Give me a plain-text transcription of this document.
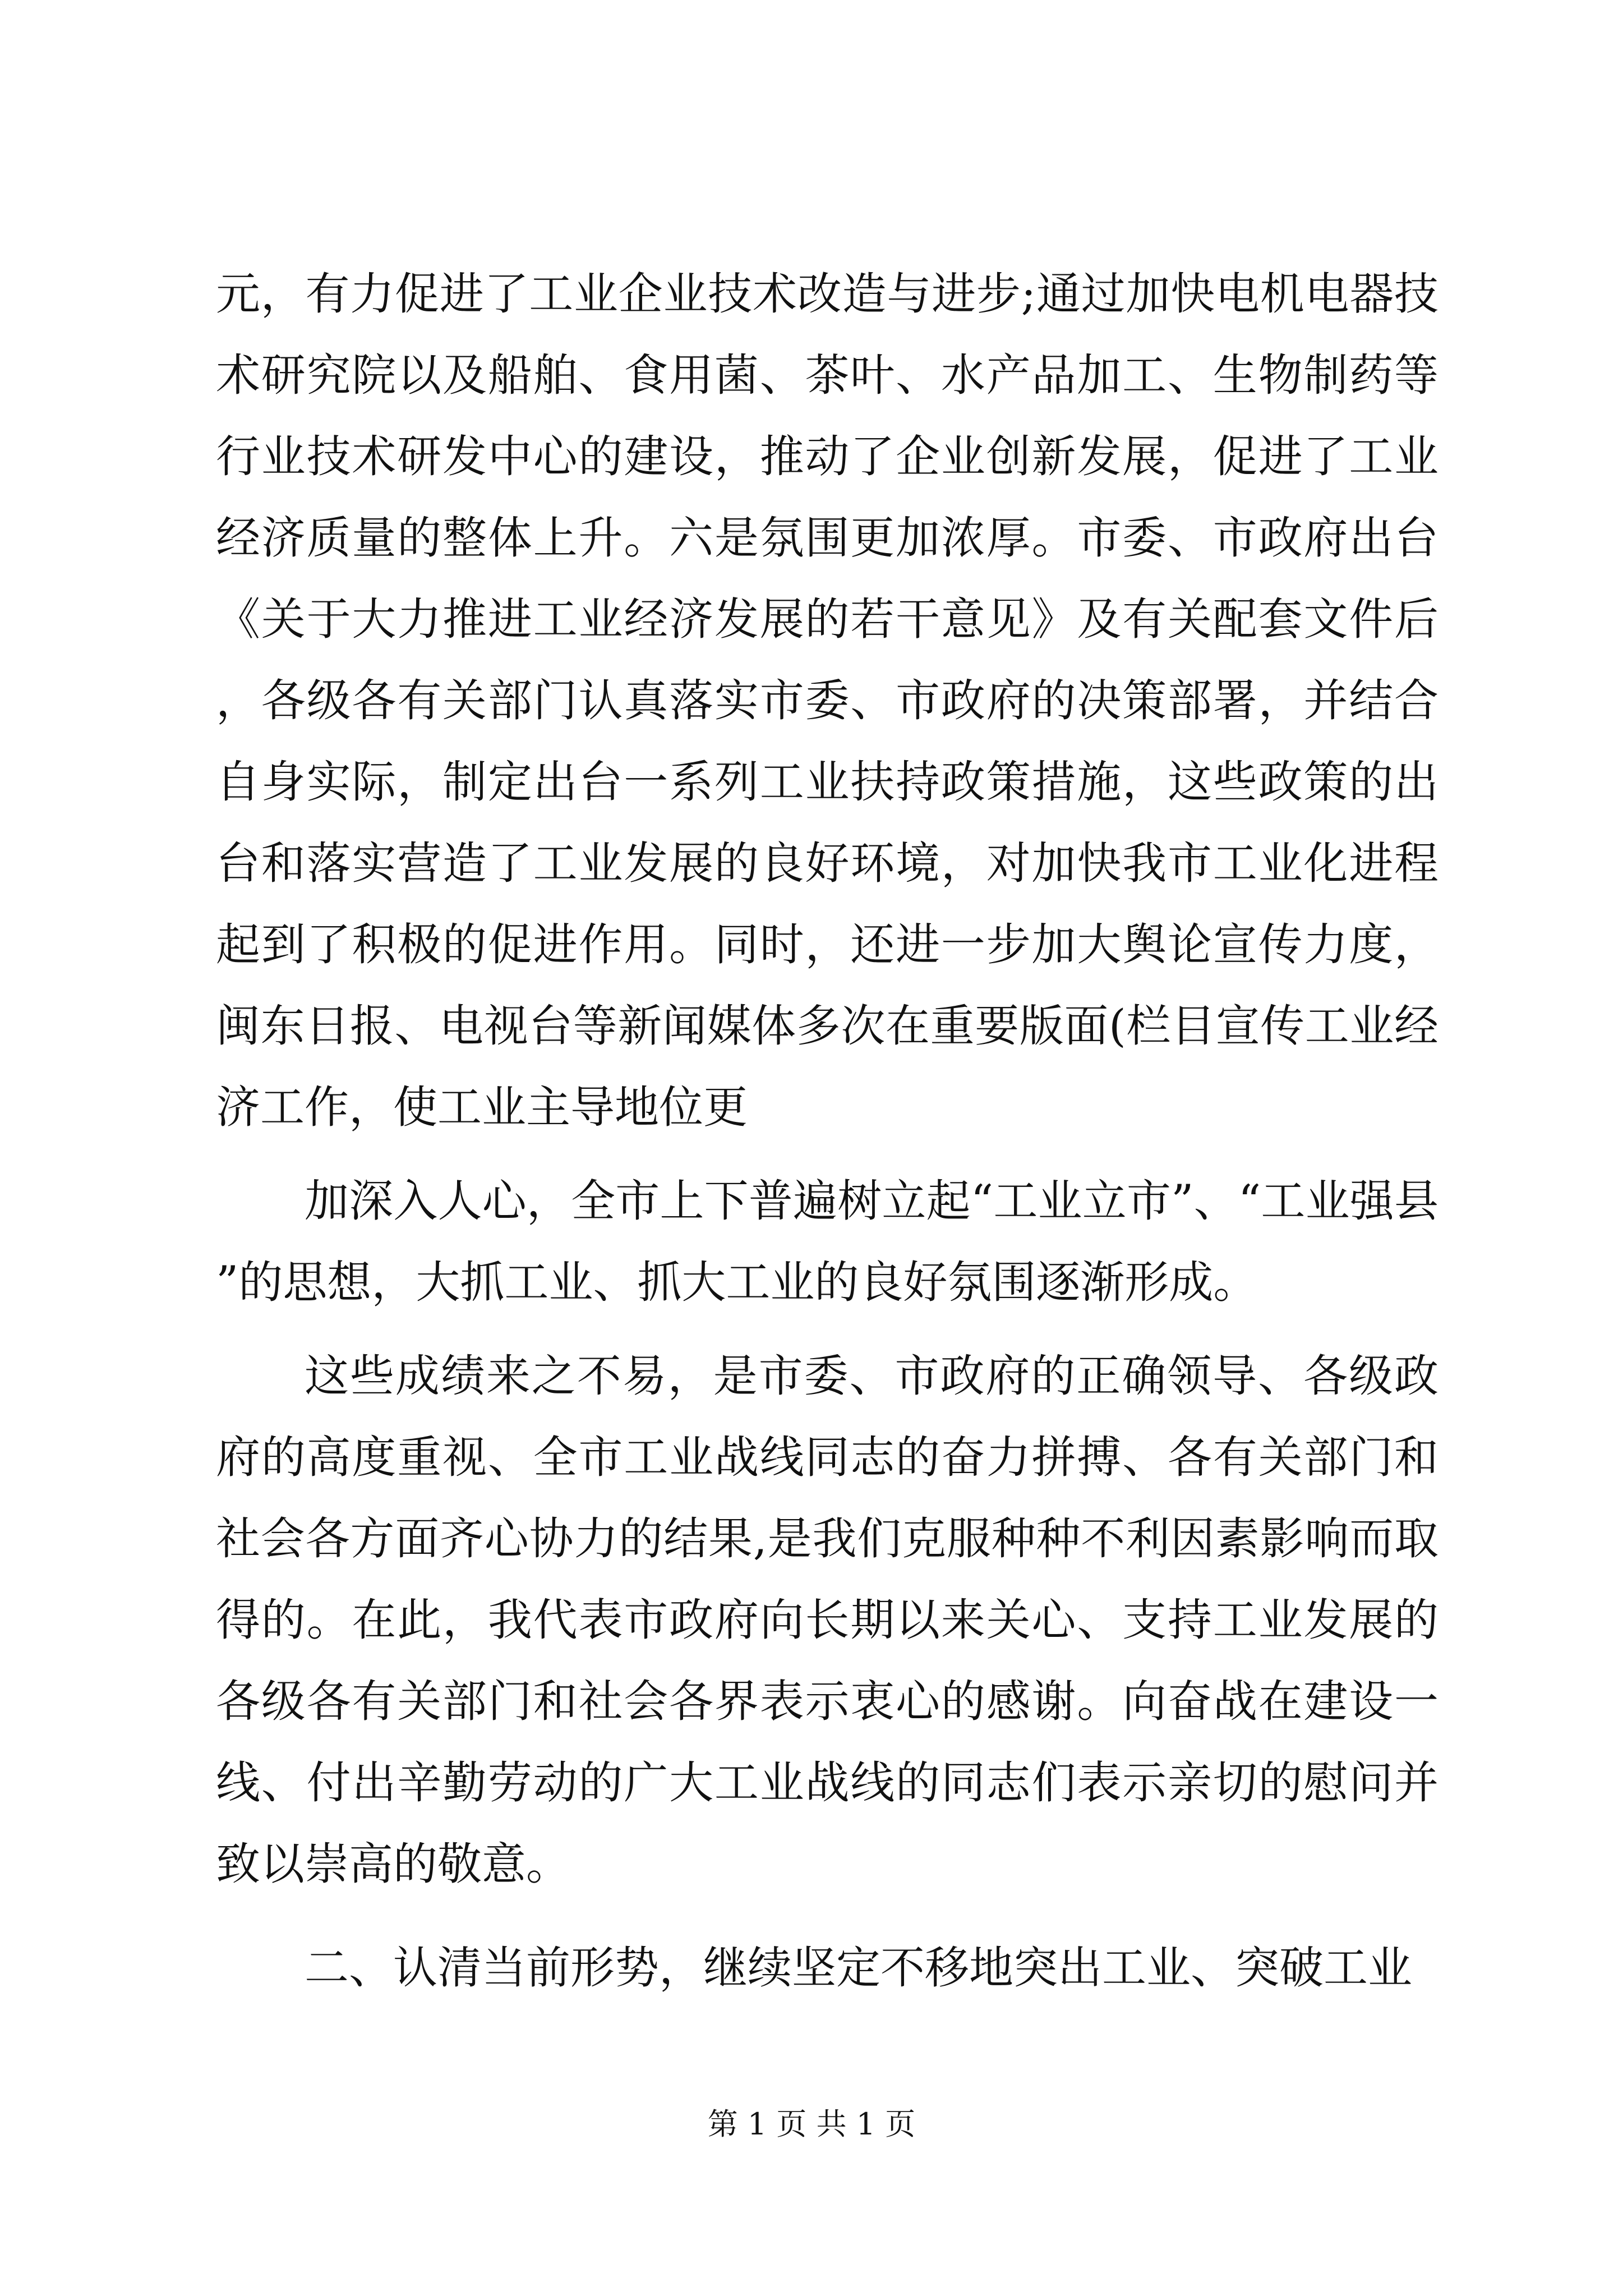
元，有力促进了工业企业技术改造与进步;通过加快电机电器技术研究院以及船舶、食用菌、茶叶、水产品加工、生物制药等行业技术研发中心的建设，推动了企业创新发展，促进了工业经济质量的整体上升。六是氛围更加浓厚。市委、市政府出台《关于大力推进工业经济发展的若干意见》及有关配套文件后，各级各有关部门认真落实市委、市政府的决策部署，并结合自身实际，制定出台一系列工业扶持政策措施，这些政策的出台和落实营造了工业发展的良好环境，对加快我市工业化进程起到了积极的促进作用。同时，还进一步加大舆论宣传力度，闽东日报、电视台等新闻媒体多次在重要版面(栏目宣传工业经济工作，使工业主导地位更

加深入人心，全市上下普遍树立起“工业立市”、“工业强县”的思想，大抓工业、抓大工业的良好氛围逐渐形成。

这些成绩来之不易，是市委、市政府的正确领导、各级政府的高度重视、全市工业战线同志的奋力拼搏、各有关部门和社会各方面齐心协力的结果,是我们克服种种不利因素影响而取得的。在此，我代表市政府向长期以来关心、支持工业发展的各级各有关部门和社会各界表示衷心的感谢。向奋战在建设一线、付出辛勤劳动的广大工业战线的同志们表示亲切的慰问并致以崇高的敬意。

二、认清当前形势，继续坚定不移地突出工业、突破工业

第 1 页 共 1 页
